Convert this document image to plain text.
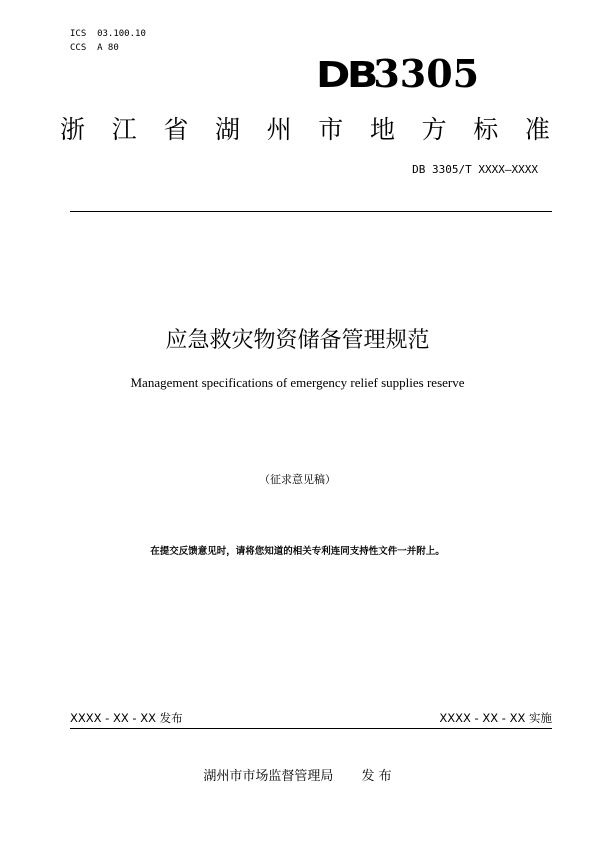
ICS  03.100.10
CCS  A 80
DB3305
浙 江 省 湖 州 市 地 方 标 准
DB 3305/T XXXX—XXXX
应急救灾物资储备管理规范
Management specifications of emergency relief supplies reserve
（征求意见稿）
在提交反馈意见时，请将您知道的相关专利连同支持性文件一并附上。
XXXX - XX - XX 发布	XXXX - XX - XX 实施
湖州市市场监督管理局 发 布
